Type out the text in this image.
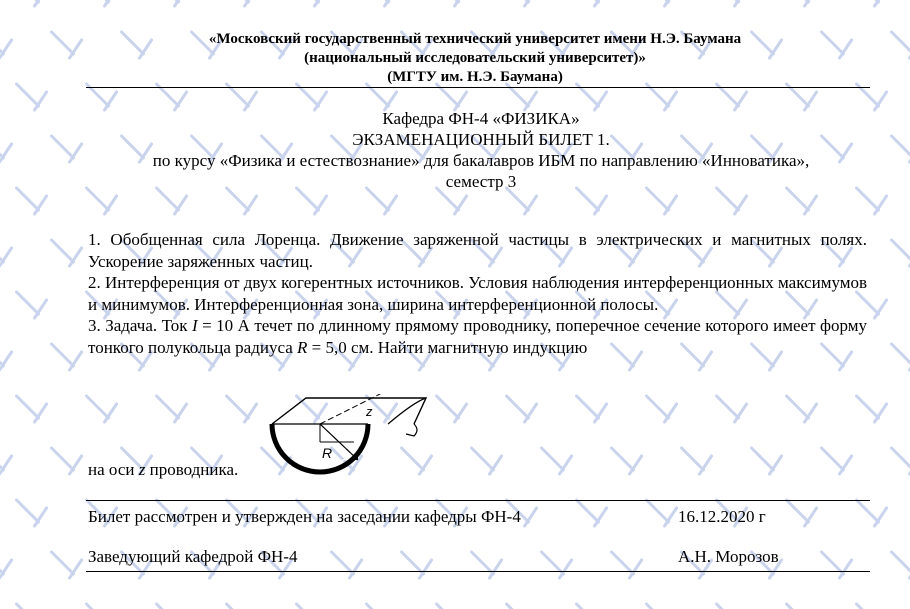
«Московский государственный технический университет имени Н.Э. Баумана
(национальный исследовательский университет)»
(МГТУ им. Н.Э. Баумана)
Кафедра ФН-4 «ФИЗИКА»
ЭКЗАМЕНАЦИОННЫЙ БИЛЕТ 1.
по курсу «Физика и естествознание» для бакалавров ИБМ по направлению «Инноватика»,
семестр 3

1. Обобщенная сила Лоренца. Движение заряженной частицы в электрических и магнитных полях. Ускорение заряженных частиц.

2. Интерференция от двух когерентных источников. Условия наблюдения интерференционных максимумов и минимумов. Интерференционная зона, ширина интерференционной полосы.

3. Задача. Ток I = 10 А течет по длинному прямому проводнику, поперечное сечение которого имеет форму тонкого полукольца радиуса R = 5,0 см. Найти магнитную индукцию

z
R
на оси z проводника.
Билет рассмотрен и утвержден на заседании кафедры ФН-4	16.12.2020 г
Заведующий кафедрой ФН-4	А.Н. Морозов
